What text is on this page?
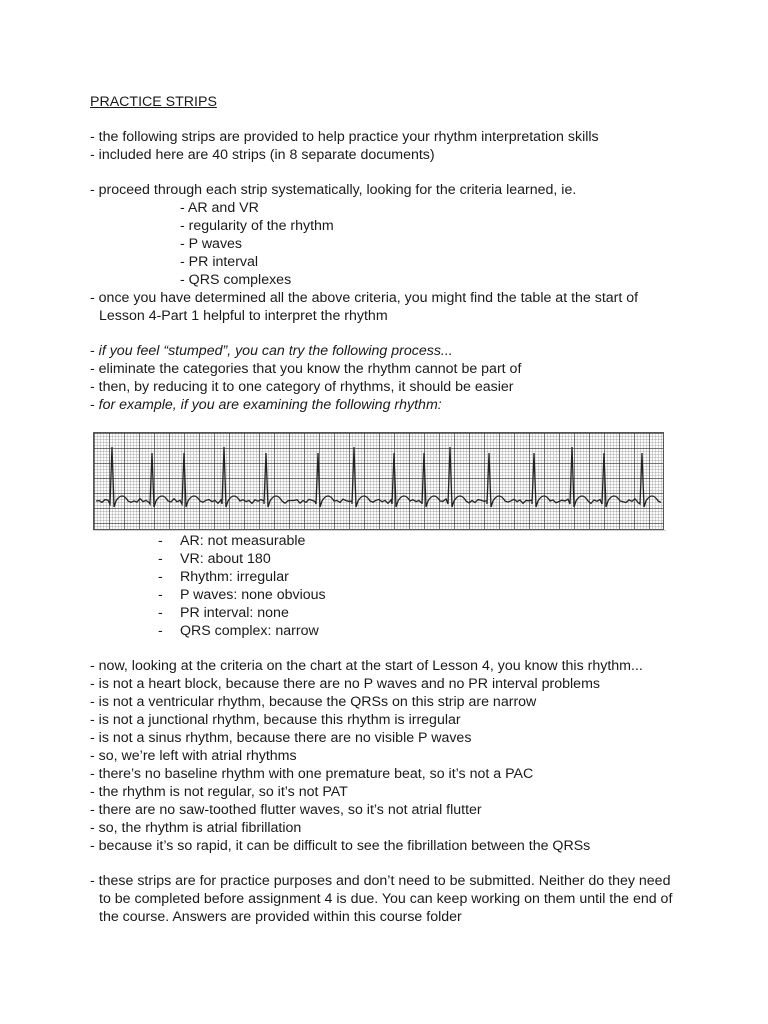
PRACTICE STRIPS
- the following strips are provided to help practice your rhythm interpretation skills
- included here are 40 strips (in 8 separate documents)
- proceed through each strip systematically, looking for the criteria learned, ie.
- AR and VR
- regularity of the rhythm
- P waves
- PR interval
- QRS complexes
- once you have determined all the above criteria, you might find the table at the start of
Lesson 4-Part 1 helpful to interpret the rhythm
- if you feel “stumped”, you can try the following process...
- eliminate the categories that you know the rhythm cannot be part of
- then, by reducing it to one category of rhythms, it should be easier
- for example, if you are examining the following rhythm:
- AR: not measurable
- VR: about 180
- Rhythm: irregular
- P waves: none obvious
- PR interval: none
- QRS complex: narrow
- now, looking at the criteria on the chart at the start of Lesson 4, you know this rhythm...
- is not a heart block, because there are no P waves and no PR interval problems
- is not a ventricular rhythm, because the QRSs on this strip are narrow
- is not a junctional rhythm, because this rhythm is irregular
- is not a sinus rhythm, because there are no visible P waves
- so, we’re left with atrial rhythms
- there’s no baseline rhythm with one premature beat, so it’s not a PAC
- the rhythm is not regular, so it’s not PAT
- there are no saw-toothed flutter waves, so it’s not atrial flutter
- so, the rhythm is atrial fibrillation
- because it’s so rapid, it can be difficult to see the fibrillation between the QRSs
- these strips are for practice purposes and don’t need to be submitted. Neither do they need
to be completed before assignment 4 is due. You can keep working on them until the end of
the course. Answers are provided within this course folder
